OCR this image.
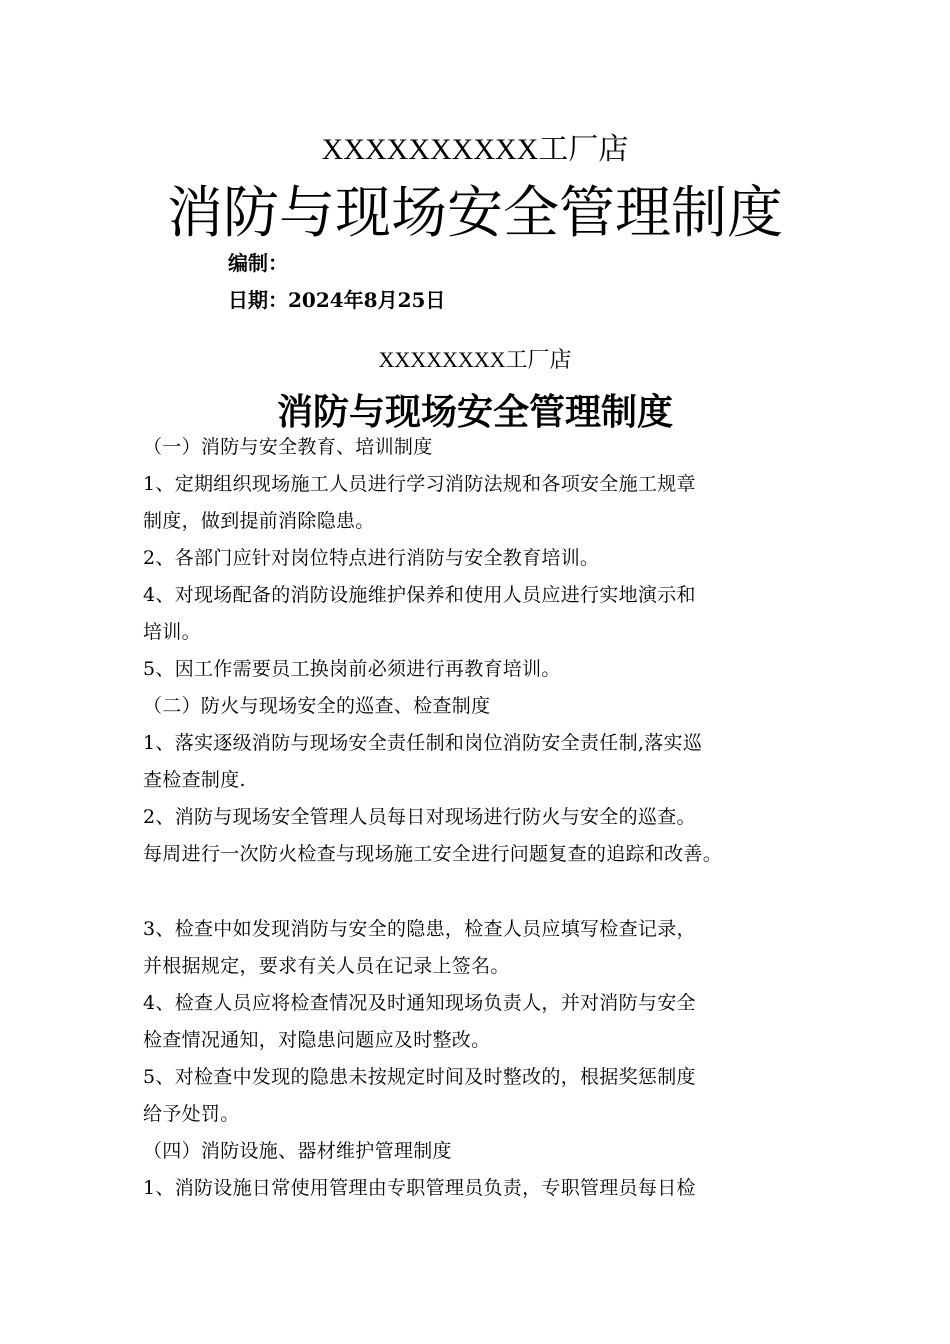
XXXXXXXXXX工厂店
消防与现场安全管理制度
编制：
日期：2024年8月25日
XXXXXXXX工厂店
消防与现场安全管理制度
（一）消防与安全教育、培训制度
1、定期组织现场施工人员进行学习消防法规和各项安全施工规章
制度，做到提前消除隐患。
2、各部门应针对岗位特点进行消防与安全教育培训。
4、对现场配备的消防设施维护保养和使用人员应进行实地演示和
培训。
5、因工作需要员工换岗前必须进行再教育培训。
（二）防火与现场安全的巡查、检查制度
1、落实逐级消防与现场安全责任制和岗位消防安全责任制,落实巡
查检查制度.
2、消防与现场安全管理人员每日对现场进行防火与安全的巡查。
每周进行一次防火检查与现场施工安全进行问题复查的追踪和改善。
3、检查中如发现消防与安全的隐患，检查人员应填写检查记录，
并根据规定，要求有关人员在记录上签名。
4、检查人员应将检查情况及时通知现场负责人，并对消防与安全
检查情况通知，对隐患问题应及时整改。
5、对检查中发现的隐患未按规定时间及时整改的，根据奖惩制度
给予处罚。
（四）消防设施、器材维护管理制度
1、消防设施日常使用管理由专职管理员负责，专职管理员每日检
